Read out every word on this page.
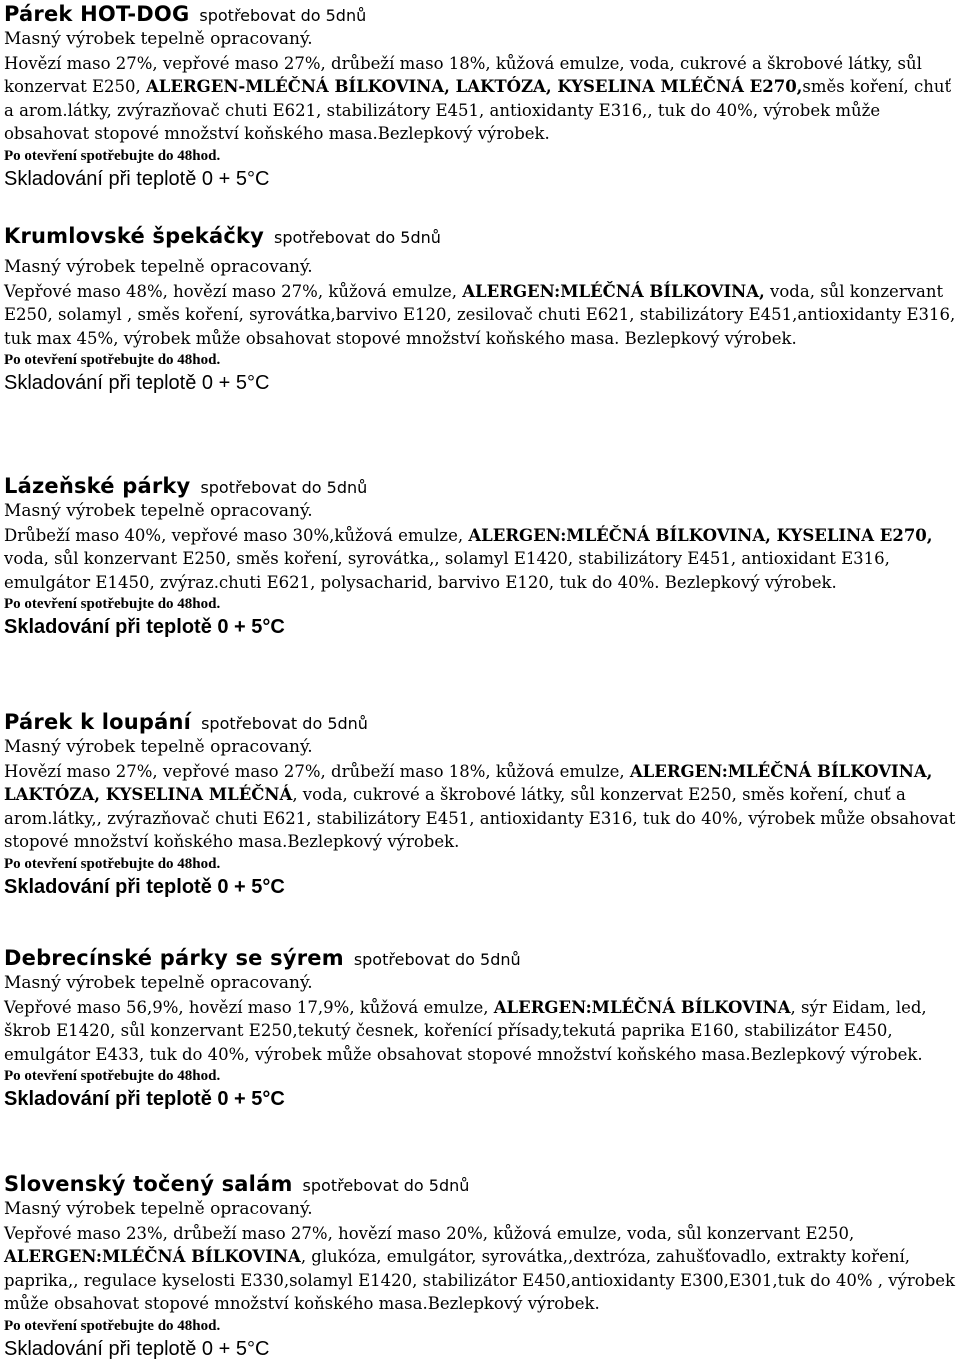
Párek HOT-DOG spotřebovat do 5dnů
Masný výrobek tepelně opracovaný.
Hovězí maso 27%, vepřové maso 27%, drůbeží maso 18%, kůžová emulze, voda, cukrové a škrobové látky, sůl konzervat E250, ALERGEN-MLÉČNÁ BÍLKOVINA, LAKTÓZA, KYSELINA MLÉČNÁ E270,směs koření, chuť a arom.látky, zvýrazňovač chuti E621, stabilizátory E451, antioxidanty E316,, tuk do 40%, výrobek může obsahovat stopové množství koňského masa.Bezlepkový výrobek.
Po otevření spotřebujte do 48hod.
Skladování při teplotě 0 + 5°C
Krumlovské špekáčky spotřebovat do 5dnů
Masný výrobek tepelně opracovaný.
Vepřové maso 48%, hovězí maso 27%, kůžová emulze, ALERGEN:MLÉČNÁ BÍLKOVINA, voda, sůl konzervant E250, solamyl , směs koření, syrovátka,barvivo E120, zesilovač chuti E621, stabilizátory E451,antioxidanty E316, tuk max 45%, výrobek může obsahovat stopové množství koňského masa. Bezlepkový výrobek.
Po otevření spotřebujte do 48hod.
Skladování při teplotě 0 + 5°C
Lázeňské párky spotřebovat do 5dnů
Masný výrobek tepelně opracovaný.
Drůbeží maso 40%, vepřové maso 30%,kůžová emulze, ALERGEN:MLÉČNÁ BÍLKOVINA, KYSELINA E270, voda, sůl konzervant E250, směs koření, syrovátka,, solamyl E1420, stabilizátory E451, antioxidant E316, emulgátor E1450, zvýraz.chuti E621, polysacharid, barvivo E120, tuk do 40%. Bezlepkový výrobek.
Po otevření spotřebujte do 48hod.
Skladování při teplotě 0 + 5°C
Párek k loupání spotřebovat do 5dnů
Masný výrobek tepelně opracovaný.
Hovězí maso 27%, vepřové maso 27%, drůbeží maso 18%, kůžová emulze, ALERGEN:MLÉČNÁ BÍLKOVINA, LAKTÓZA, KYSELINA MLÉČNÁ, voda, cukrové a škrobové látky, sůl konzervat E250, směs koření, chuť a arom.látky,, zvýrazňovač chuti E621, stabilizátory E451, antioxidanty E316, tuk do 40%, výrobek může obsahovat stopové množství koňského masa.Bezlepkový výrobek.
Po otevření spotřebujte do 48hod.
Skladování při teplotě 0 + 5°C
Debrecínské párky se sýrem spotřebovat do 5dnů
Masný výrobek tepelně opracovaný.
Vepřové maso 56,9%, hovězí maso 17,9%, kůžová emulze, ALERGEN:MLÉČNÁ BÍLKOVINA, sýr Eidam, led, škrob E1420, sůl konzervant E250,tekutý česnek, kořenící přísady,tekutá paprika E160, stabilizátor E450, emulgátor E433, tuk do 40%, výrobek může obsahovat stopové množství koňského masa.Bezlepkový výrobek.
Po otevření spotřebujte do 48hod.
Skladování při teplotě 0 + 5°C
Slovenský točený salám spotřebovat do 5dnů
Masný výrobek tepelně opracovaný.
Vepřové maso 23%, drůbeží maso 27%, hovězí maso 20%, kůžová emulze, voda, sůl konzervant E250, ALERGEN:MLÉČNÁ BÍLKOVINA, glukóza, emulgátor, syrovátka,,dextróza, zahušťovadlo, extrakty koření, paprika,, regulace kyselosti E330,solamyl E1420, stabilizátor E450,antioxidanty E300,E301,tuk do 40% , výrobek může obsahovat stopové množství koňského masa.Bezlepkový výrobek.
Po otevření spotřebujte do 48hod.
Skladování při teplotě 0 + 5°C
